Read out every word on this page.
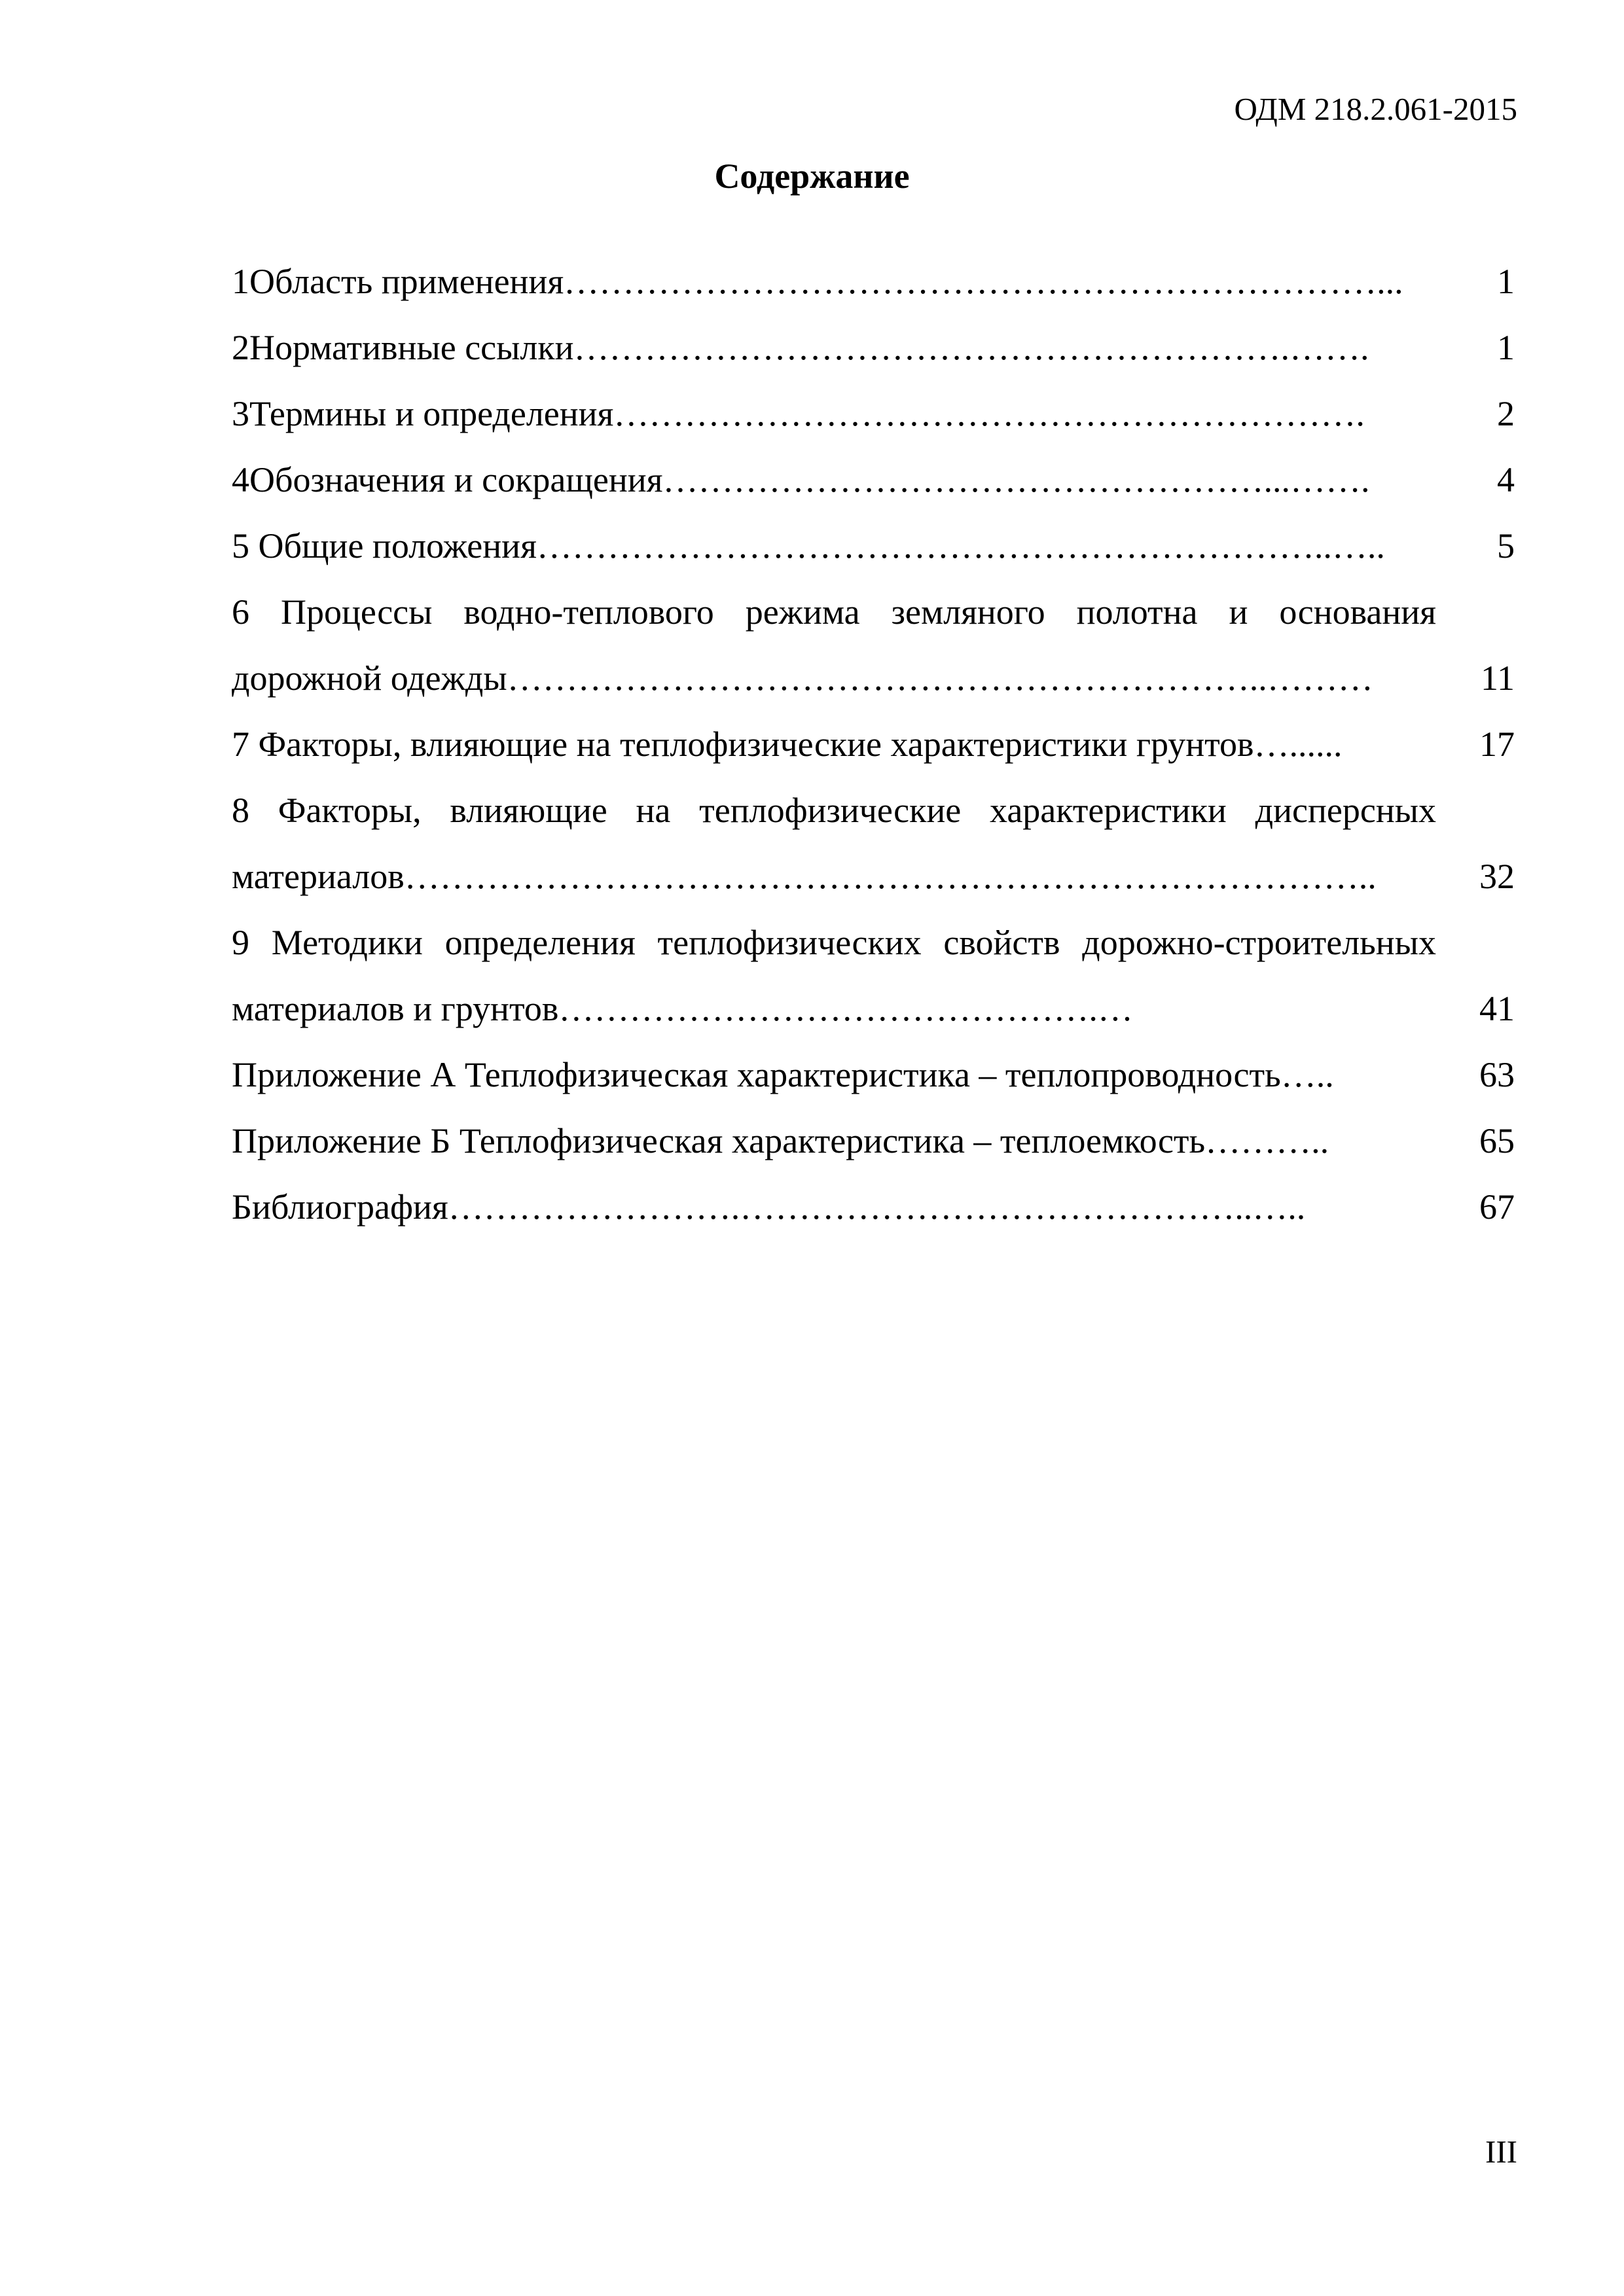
ОДМ 218.2.061-2015
Содержание
1Область применения……………………………………………………………...	1
2Нормативные ссылки…………………………………………………….…….	1
3Термины и определения……………………………………………………….	2
4Обозначения и сокращения……………………………………………...…….	4
5 Общие положения…………………………………………………………..…..	5
6 Процессы водно-теплового режима земляного полотна и основания дорожной одежды………………………………………………………..………	11
7 Факторы, влияющие на теплофизические характеристики грунтов…......	17
8 Факторы, влияющие на теплофизические характеристики дисперсных материалов………………………………………………………………………..	32
9 Методики определения теплофизических свойств дорожно-строительных материалов и грунтов……………………………………….…	41
Приложение А Теплофизическая характеристика – теплопроводность…..	63
Приложение Б Теплофизическая характеристика – теплоемкость………..	65
Библиография…………………….……………………………………..…..	67
III
